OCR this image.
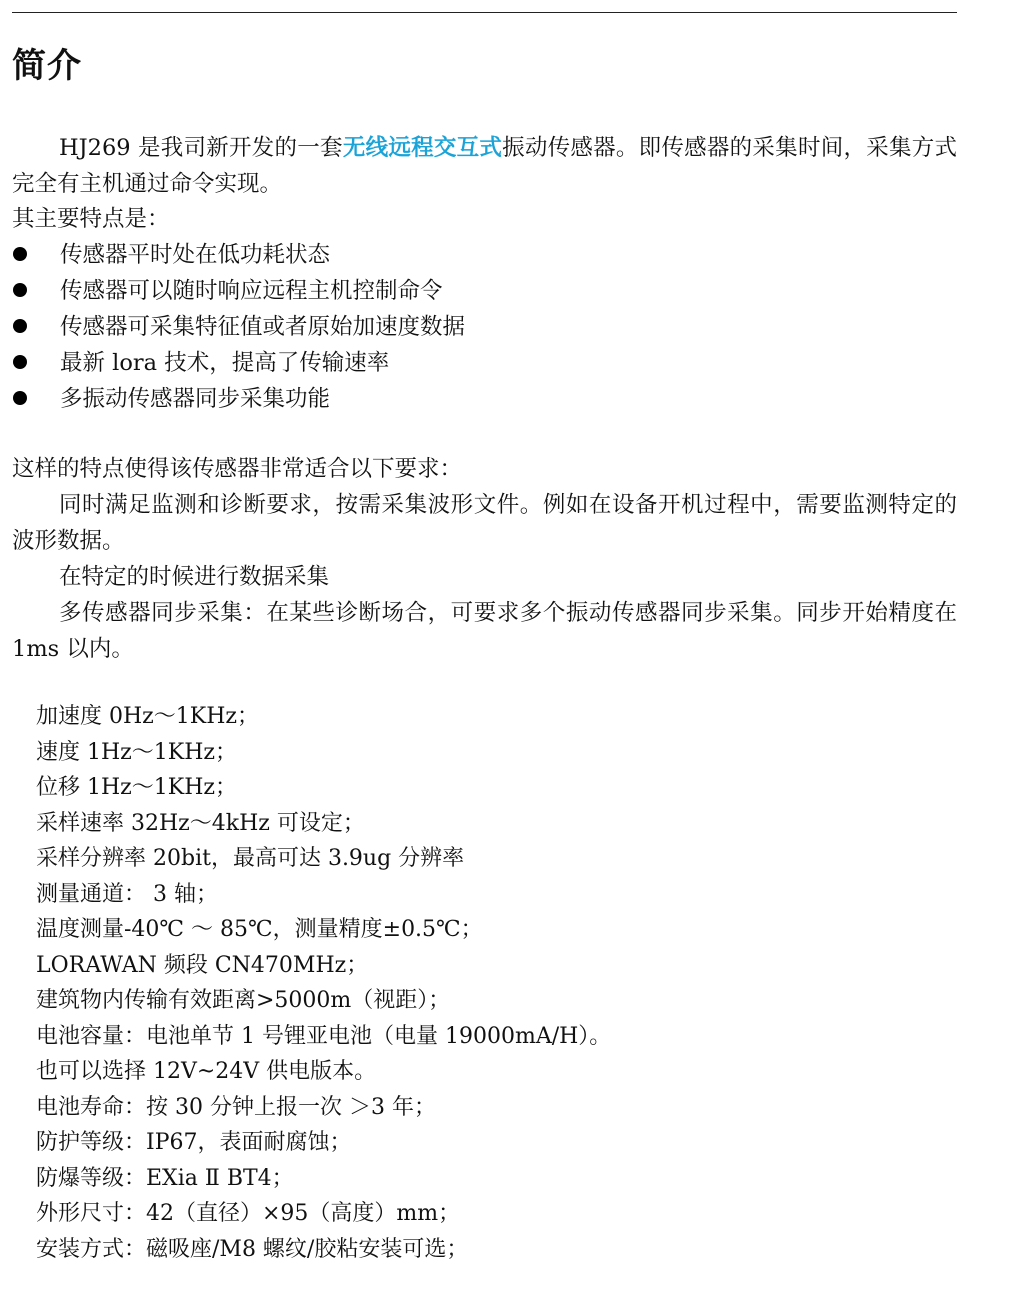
简介

HJ269 是我司新开发的一套无线远程交互式振动传感器。即传感器的采集时间，采集方式完全有主机通过命令实现。

其主要特点是：

传感器平时处在低功耗状态
传感器可以随时响应远程主机控制命令
传感器可采集特征值或者原始加速度数据
最新 lora 技术，提高了传输速率
多振动传感器同步采集功能

这样的特点使得该传感器非常适合以下要求：

同时满足监测和诊断要求，按需采集波形文件。例如在设备开机过程中，需要监测特定的波形数据。

在特定的时候进行数据采集

多传感器同步采集：在某些诊断场合，可要求多个振动传感器同步采集。同步开始精度在 1ms 以内。

加速度 0Hz～1KHz；
速度 1Hz～1KHz；
位移 1Hz～1KHz；
采样速率 32Hz～4kHz 可设定；
采样分辨率 20bit，最高可达 3.9ug 分辨率
测量通道： 3 轴；
温度测量-40℃ ～ 85℃，测量精度±0.5℃；
LORAWAN 频段 CN470MHz；
建筑物内传输有效距离>5000m（视距）；
电池容量：电池单节 1 号锂亚电池（电量 19000mA/H）。
也可以选择 12V~24V 供电版本。
电池寿命：按 30 分钟上报一次 ＞3 年；
防护等级：IP67，表面耐腐蚀；
防爆等级：EXia Ⅱ BT4；
外形尺寸：42（直径）×95（高度）mm；
安装方式：磁吸座/M8 螺纹/胶粘安装可选；
